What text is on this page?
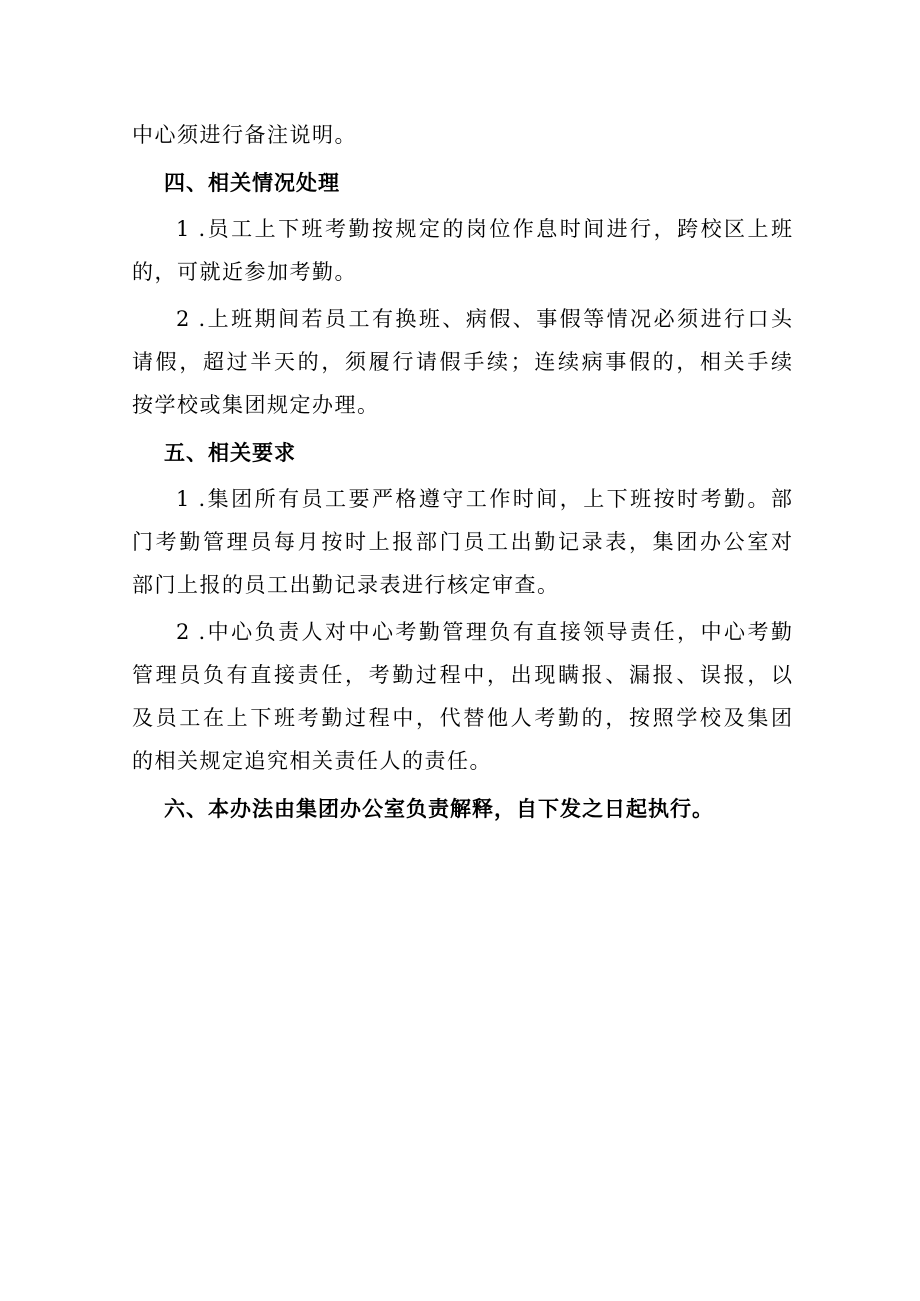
中心须进行备注说明。
四、相关情况处理
1 .员工上下班考勤按规定的岗位作息时间进行，跨校区上班
的，可就近参加考勤。
2 .上班期间若员工有换班、病假、事假等情况必须进行口头
请假，超过半天的，须履行请假手续；连续病事假的，相关手续
按学校或集团规定办理。
五、相关要求
1 .集团所有员工要严格遵守工作时间，上下班按时考勤。部
门考勤管理员每月按时上报部门员工出勤记录表，集团办公室对
部门上报的员工出勤记录表进行核定审查。
2 .中心负责人对中心考勤管理负有直接领导责任，中心考勤
管理员负有直接责任，考勤过程中，出现瞒报、漏报、误报，以
及员工在上下班考勤过程中，代替他人考勤的，按照学校及集团
的相关规定追究相关责任人的责任。
六、本办法由集团办公室负责解释，自下发之日起执行。
